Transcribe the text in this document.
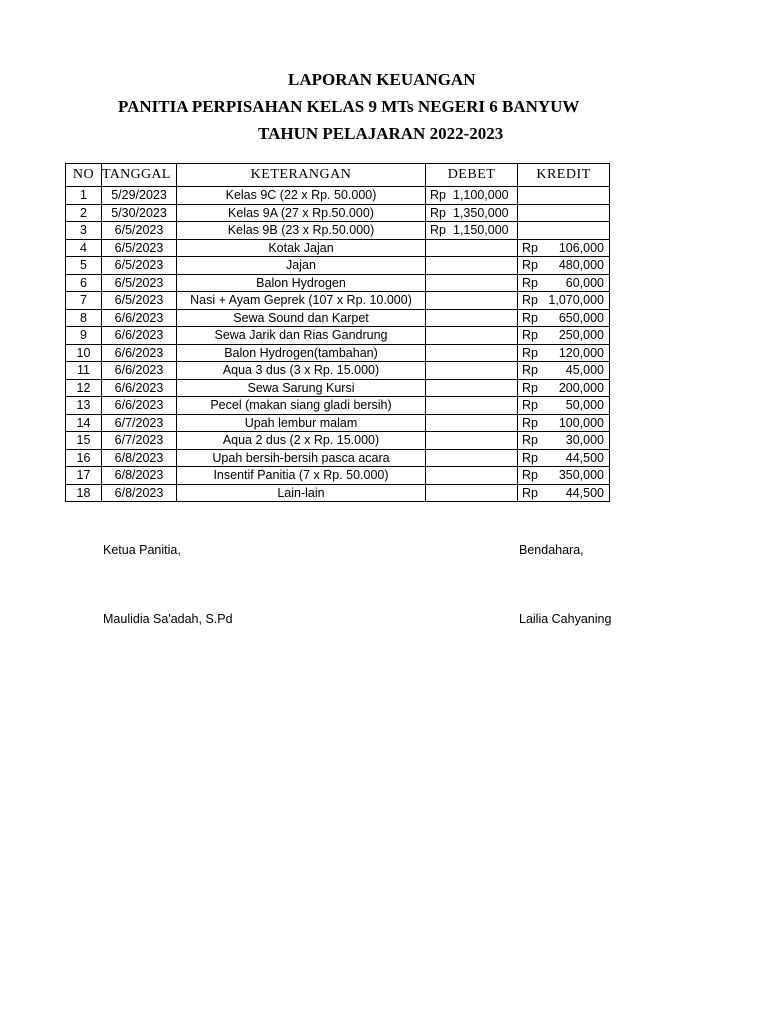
LAPORAN KEUANGAN
PANITIA PERPISAHAN KELAS 9 MTs NEGERI 6 BANYUW
TAHUN PELAJARAN 2022-2023
NO	TANGGAL	KETERANGAN	DEBET	KREDIT
1	5/29/2023	Kelas 9C (22 x Rp. 50.000)	Rp 1,100,000	

2	5/30/2023	Kelas 9A (27 x Rp.50.000)	Rp 1,350,000	

3	6/5/2023	Kelas 9B (23 x Rp.50.000)	Rp 1,150,000	

4	6/5/2023	Kotak Jajan		Rp 106,000

5	6/5/2023	Jajan		Rp 480,000

6	6/5/2023	Balon Hydrogen		Rp 60,000

7	6/5/2023	Nasi + Ayam Geprek (107 x Rp. 10.000)		Rp 1,070,000

8	6/6/2023	Sewa Sound dan Karpet		Rp 650,000

9	6/6/2023	Sewa Jarik dan Rias Gandrung		Rp 250,000

10	6/6/2023	Balon Hydrogen(tambahan)		Rp 120,000

11	6/6/2023	Aqua 3 dus (3 x Rp. 15.000)		Rp 45,000

12	6/6/2023	Sewa Sarung Kursi		Rp 200,000

13	6/6/2023	Pecel (makan siang gladi bersih)		Rp 50,000

14	6/7/2023	Upah lembur malam		Rp 100,000

15	6/7/2023	Aqua 2 dus (2 x Rp. 15.000)		Rp 30,000

16	6/8/2023	Upah bersih-bersih pasca acara		Rp 44,500

17	6/8/2023	Insentif Panitia (7 x Rp. 50.000)		Rp 350,000

18	6/8/2023	Lain-lain		Rp 44,500
Ketua Panitia,	Bendahara,
Maulidia Sa'adah, S.Pd	Lailia Cahyaning
